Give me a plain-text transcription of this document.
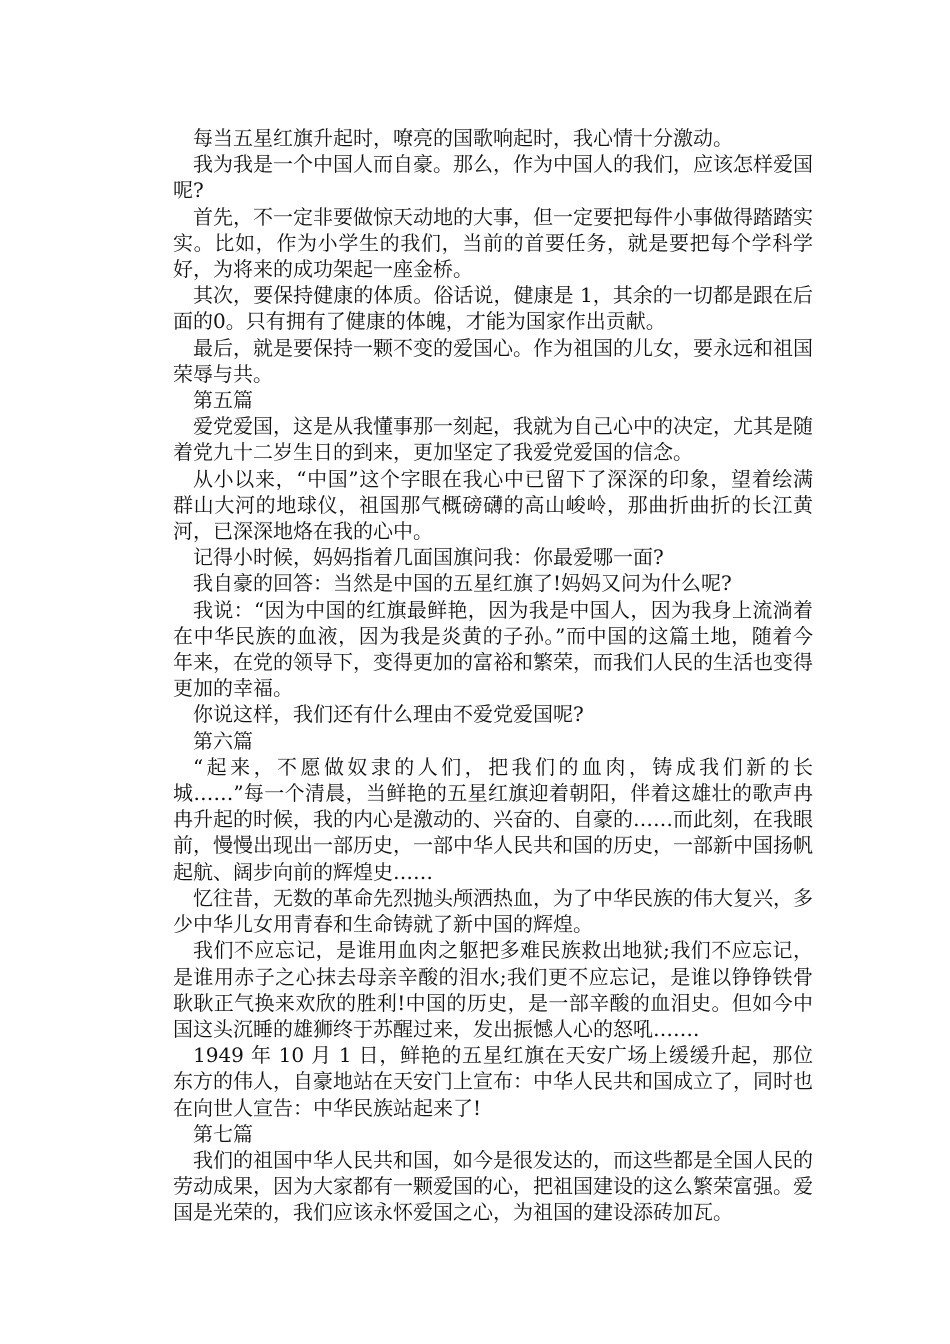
每当五星红旗升起时，嘹亮的国歌响起时，我心情十分激动。

我为我是一个中国人而自豪。那么，作为中国人的我们，应该怎样爱国呢?

首先，不一定非要做惊天动地的大事，但一定要把每件小事做得踏踏实实。比如，作为小学生的我们，当前的首要任务，就是要把每个学科学好，为将来的成功架起一座金桥。

其次，要保持健康的体质。俗话说，健康是 1，其余的一切都是跟在后面的0。只有拥有了健康的体魄，才能为国家作出贡献。

最后，就是要保持一颗不变的爱国心。作为祖国的儿女，要永远和祖国荣辱与共。

第五篇

爱党爱国，这是从我懂事那一刻起，我就为自己心中的决定，尤其是随着党九十二岁生日的到来，更加坚定了我爱党爱国的信念。

从小以来，“中国”这个字眼在我心中已留下了深深的印象，望着绘满群山大河的地球仪，祖国那气概磅礴的高山峻岭，那曲折曲折的长江黄河，已深深地烙在我的心中。

记得小时候，妈妈指着几面国旗问我：你最爱哪一面?

我自豪的回答：当然是中国的五星红旗了!妈妈又问为什么呢?

我说：“因为中国的红旗最鲜艳，因为我是中国人，因为我身上流淌着在中华民族的血液，因为我是炎黄的子孙。”而中国的这篇土地，随着今年来，在党的领导下，变得更加的富裕和繁荣，而我们人民的生活也变得更加的幸福。

你说这样，我们还有什么理由不爱党爱国呢?

第六篇

“起来，不愿做奴隶的人们，把我们的血肉，铸成我们新的长城……”每一个清晨，当鲜艳的五星红旗迎着朝阳，伴着这雄壮的歌声冉冉升起的时候，我的内心是激动的、兴奋的、自豪的……而此刻，在我眼前，慢慢出现出一部历史，一部中华人民共和国的历史，一部新中国扬帆起航、阔步向前的辉煌史……

忆往昔，无数的革命先烈抛头颅洒热血，为了中华民族的伟大复兴，多少中华儿女用青春和生命铸就了新中国的辉煌。

我们不应忘记，是谁用血肉之躯把多难民族救出地狱;我们不应忘记，是谁用赤子之心抹去母亲辛酸的泪水;我们更不应忘记，是谁以铮铮铁骨耿耿正气换来欢欣的胜利!中国的历史，是一部辛酸的血泪史。但如今中国这头沉睡的雄狮终于苏醒过来，发出振憾人心的怒吼…….

1949 年 10 月 1 日，鲜艳的五星红旗在天安广场上缓缓升起，那位东方的伟人，自豪地站在天安门上宣布：中华人民共和国成立了，同时也在向世人宣告：中华民族站起来了!

第七篇

我们的祖国中华人民共和国，如今是很发达的，而这些都是全国人民的劳动成果，因为大家都有一颗爱国的心，把祖国建设的这么繁荣富强。爱国是光荣的，我们应该永怀爱国之心，为祖国的建设添砖加瓦。
